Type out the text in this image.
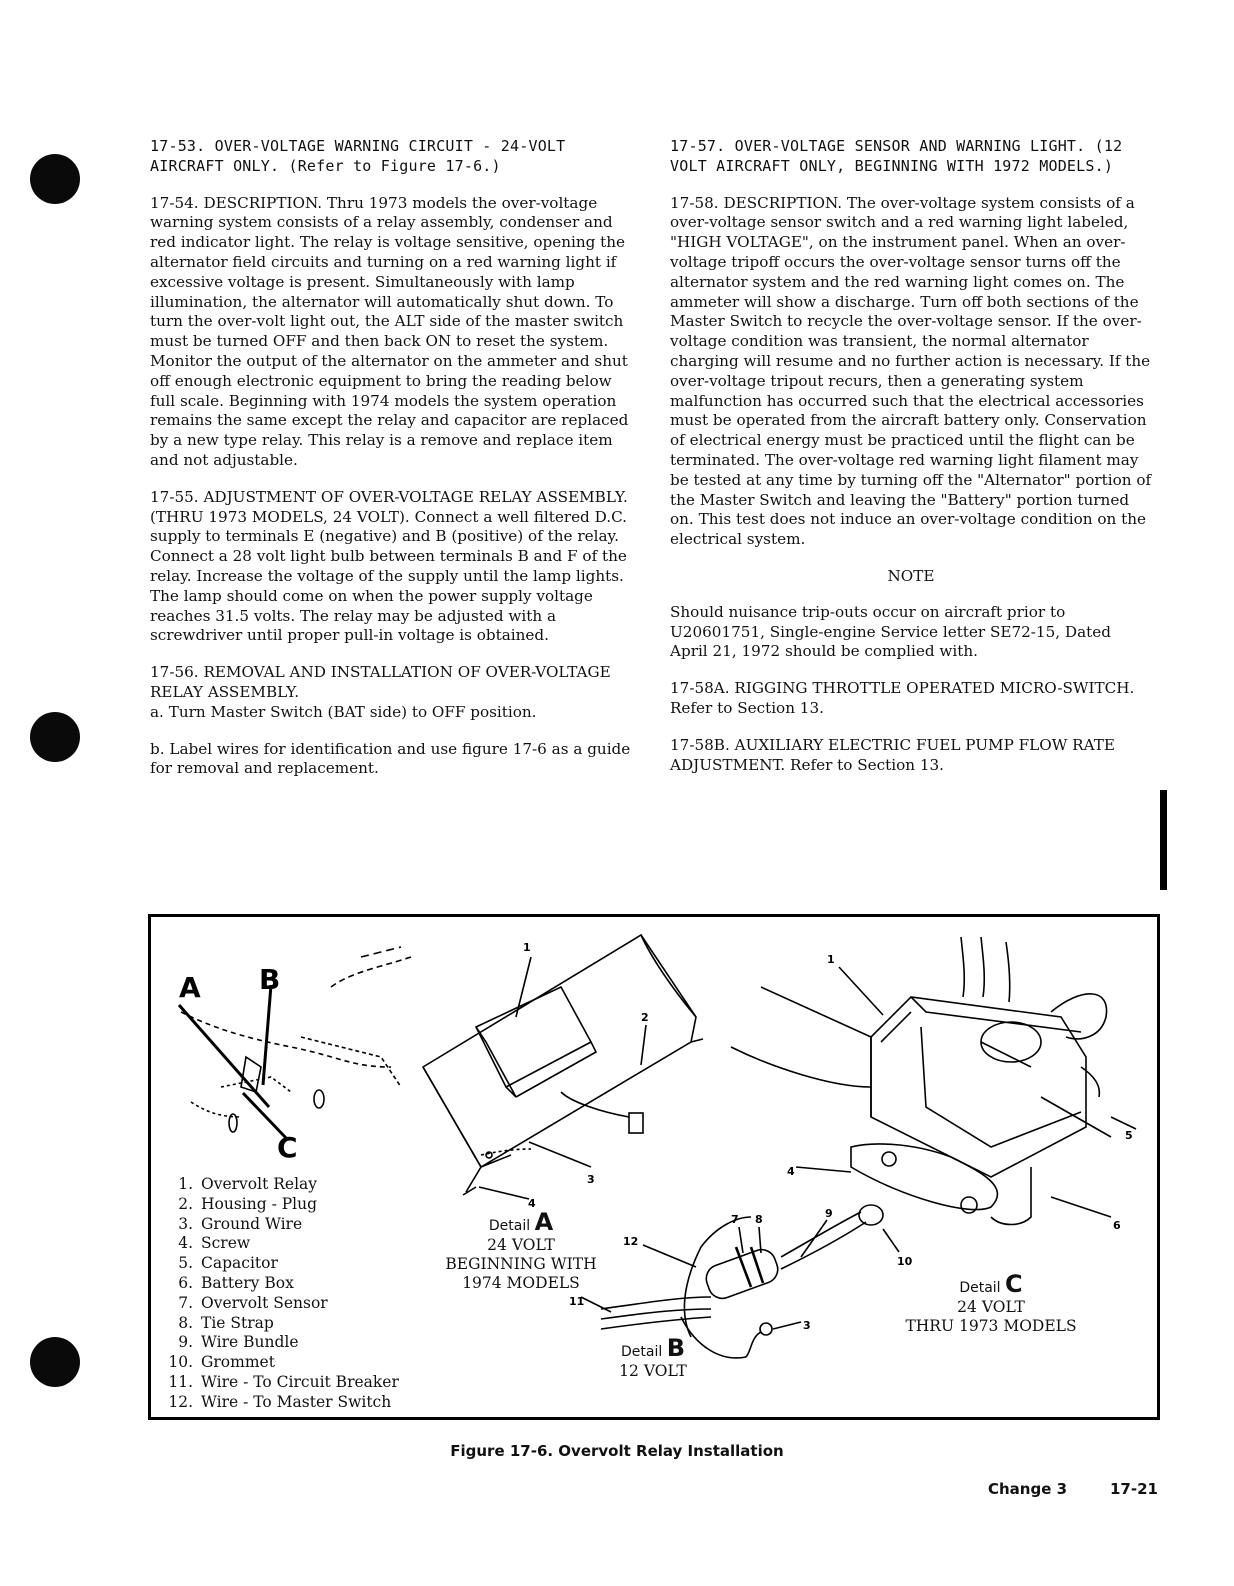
17-53. OVER-VOLTAGE WARNING CIRCUIT - 24-VOLT AIRCRAFT ONLY. (Refer to Figure 17-6.)

17-54. DESCRIPTION. Thru 1973 models the over-voltage warning system consists of a relay assembly, condenser and red indicator light. The relay is voltage sensitive, opening the alternator field circuits and turning on a red warning light if excessive voltage is present. Simultaneously with lamp illumination, the alternator will automatically shut down. To turn the over-volt light out, the ALT side of the master switch must be turned OFF and then back ON to reset the system. Monitor the output of the alternator on the ammeter and shut off enough electronic equipment to bring the reading below full scale. Beginning with 1974 models the system operation remains the same except the relay and capacitor are replaced by a new type relay. This relay is a remove and replace item and not adjustable.

17-55. ADJUSTMENT OF OVER-VOLTAGE RELAY ASSEMBLY. (THRU 1973 MODELS, 24 VOLT). Connect a well filtered D.C. supply to terminals E (negative) and B (positive) of the relay. Connect a 28 volt light bulb between terminals B and F of the relay. Increase the voltage of the supply until the lamp lights. The lamp should come on when the power supply voltage reaches 31.5 volts. The relay may be adjusted with a screwdriver until proper pull-in voltage is obtained.

17-56. REMOVAL AND INSTALLATION OF OVER-VOLTAGE RELAY ASSEMBLY.

a. Turn Master Switch (BAT side) to OFF position.

b. Label wires for identification and use figure 17-6 as a guide for removal and replacement.

17-57. OVER-VOLTAGE SENSOR AND WARNING LIGHT. (12 VOLT AIRCRAFT ONLY, BEGINNING WITH 1972 MODELS.)

17-58. DESCRIPTION. The over-voltage system consists of a over-voltage sensor switch and a red warning light labeled, "HIGH VOLTAGE", on the instrument panel. When an over-voltage tripoff occurs the over-voltage sensor turns off the alternator system and the red warning light comes on. The ammeter will show a discharge. Turn off both sections of the Master Switch to recycle the over-voltage sensor. If the over-voltage condition was transient, the normal alternator charging will resume and no further action is necessary. If the over-voltage tripout recurs, then a generating system malfunction has occurred such that the electrical accessories must be operated from the aircraft battery only. Conservation of electrical energy must be practiced until the flight can be terminated. The over-voltage red warning light filament may be tested at any time by turning off the "Alternator" portion of the Master Switch and leaving the "Battery" portion turned on. This test does not induce an over-voltage condition on the electrical system.

NOTE

Should nuisance trip-outs occur on aircraft prior to U20601751, Single-engine Service letter SE72-15, Dated April 21, 1972 should be complied with.

17-58A. RIGGING THROTTLE OPERATED MICRO-SWITCH. Refer to Section 13.

17-58B. AUXILIARY ELECTRIC FUEL PUMP FLOW RATE ADJUSTMENT. Refer to Section 13.

A B
C
1
1
2
3
3
4
4
5
6
7 8	9
10
11
12
1. Overvolt Relay
2. Housing - Plug
3. Ground Wire
4. Screw
5. Capacitor
6. Battery Box
7. Overvolt Sensor
8. Tie Strap
9. Wire Bundle
10. Grommet
11. Wire - To Circuit Breaker
12. Wire - To Master Switch
Detail A
24 VOLT
BEGINNING WITH
1974 MODELS
Detail B
12 VOLT
Detail C
24 VOLT
THRU 1973 MODELS
Figure 17-6. Overvolt Relay Installation
Change 3	17-21
